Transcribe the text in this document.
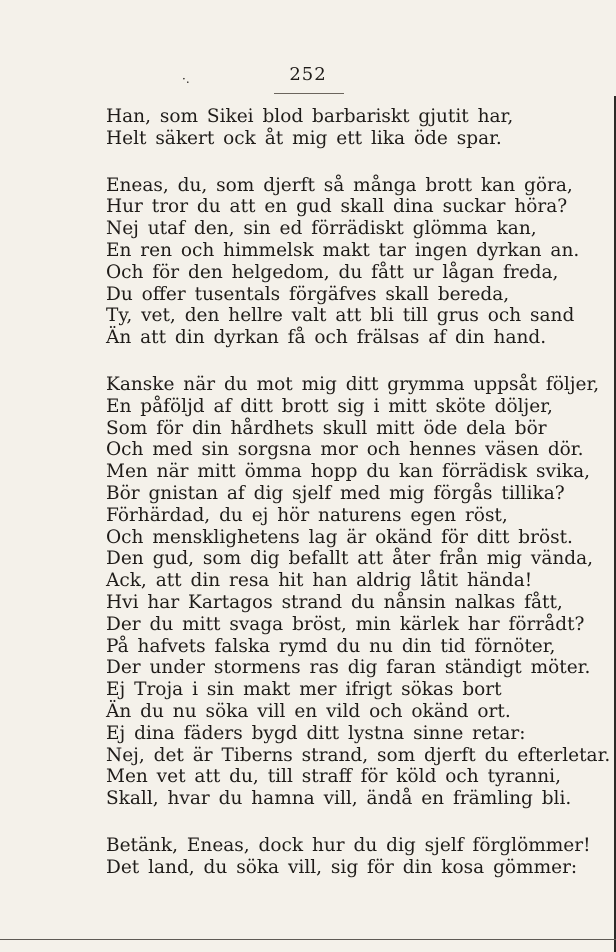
·.	252
Han, som Sikei blod barbariskt gjutit har,
Helt säkert ock åt mig ett lika öde spar.
Eneas, du, som djerft så många brott kan göra,
Hur tror du att en gud skall dina suckar höra?
Nej utaf den, sin ed förrädiskt glömma kan,
En ren och himmelsk makt tar ingen dyrkan an.
Och för den helgedom, du fått ur lågan freda,
Du offer tusentals förgäfves skall bereda,
Ty, vet, den hellre valt att bli till grus och sand
Än att din dyrkan få och frälsas af din hand.
Kanske när du mot mig ditt grymma uppsåt följer,
En påföljd af ditt brott sig i mitt sköte döljer,
Som för din hårdhets skull mitt öde dela bör
Och med sin sorgsna mor och hennes väsen dör.
Men när mitt ömma hopp du kan förrädisk svika,
Bör gnistan af dig sjelf med mig förgås tillika?
Förhärdad, du ej hör naturens egen röst,
Och mensklighetens lag är okänd för ditt bröst.
Den gud, som dig befallt att åter från mig vända,
Ack, att din resa hit han aldrig låtit hända!
Hvi har Kartagos strand du nånsin nalkas fått,
Der du mitt svaga bröst, min kärlek har förrådt?
På hafvets falska rymd du nu din tid förnöter,
Der under stormens ras dig faran ständigt möter.
Ej Troja i sin makt mer ifrigt sökas bort
Än du nu söka vill en vild och okänd ort.
Ej dina fäders bygd ditt lystna sinne retar:
Nej, det är Tiberns strand, som djerft du efterletar.
Men vet att du, till straff för köld och tyranni,
Skall, hvar du hamna vill, ändå en främling bli.
Betänk, Eneas, dock hur du dig sjelf förglömmer!
Det land, du söka vill, sig för din kosa gömmer:
